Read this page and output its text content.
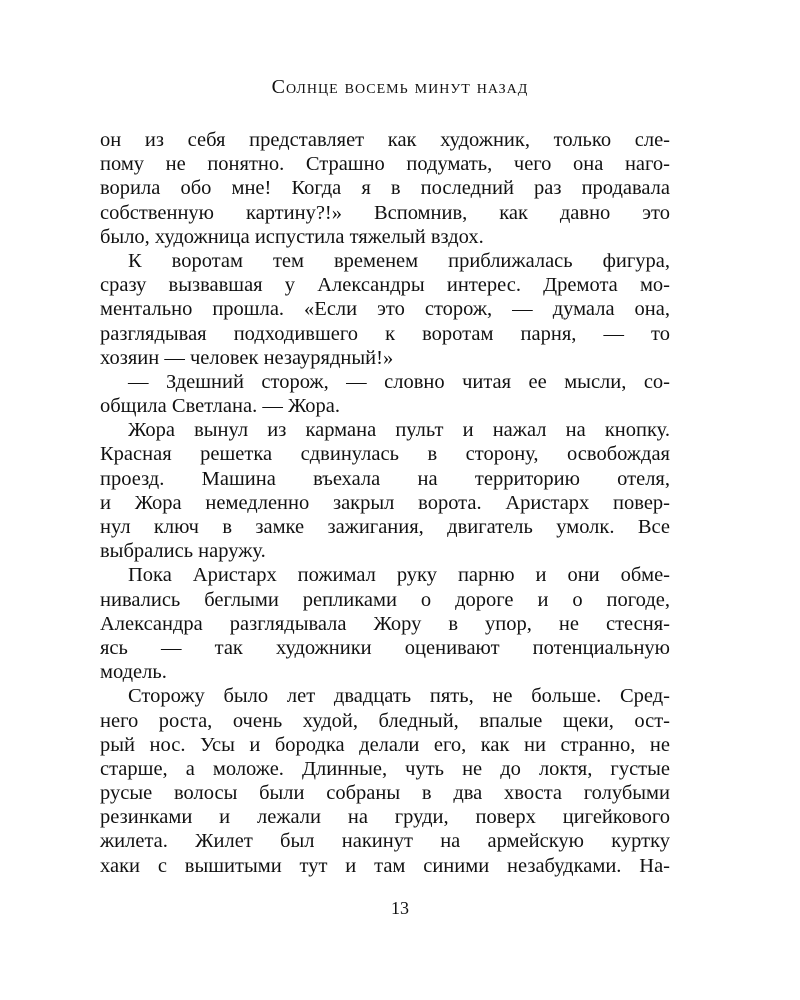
Солнце восемь минут назад
он из себя представляет как художник, только сле-
пому не понятно. Страшно подумать, чего она наго-
ворила обо мне! Когда я в последний раз продавала
собственную картину?!» Вспомнив, как давно это
было, художница испустила тяжелый вздох.
К воротам тем временем приближалась фигура,
сразу вызвавшая у Александры интерес. Дремота мо-
ментально прошла. «Если это сторож, — думала она,
разглядывая подходившего к воротам парня, — то
хозяин — человек незаурядный!»
— Здешний сторож, — словно читая ее мысли, со-
общила Светлана. — Жора.
Жора вынул из кармана пульт и нажал на кнопку.
Красная решетка сдвинулась в сторону, освобождая
проезд. Машина въехала на территорию отеля,
и Жора немедленно закрыл ворота. Аристарх повер-
нул ключ в замке зажигания, двигатель умолк. Все
выбрались наружу.
Пока Аристарх пожимал руку парню и они обме-
нивались беглыми репликами о дороге и о погоде,
Александра разглядывала Жору в упор, не стесня-
ясь — так художники оценивают потенциальную
модель.
Сторожу было лет двадцать пять, не больше. Сред-
него роста, очень худой, бледный, впалые щеки, ост-
рый нос. Усы и бородка делали его, как ни странно, не
старше, а моложе. Длинные, чуть не до локтя, густые
русые волосы были собраны в два хвоста голубыми
резинками и лежали на груди, поверх цигейкового
жилета. Жилет был накинут на армейскую куртку
хаки с вышитыми тут и там синими незабудками. На-
13
